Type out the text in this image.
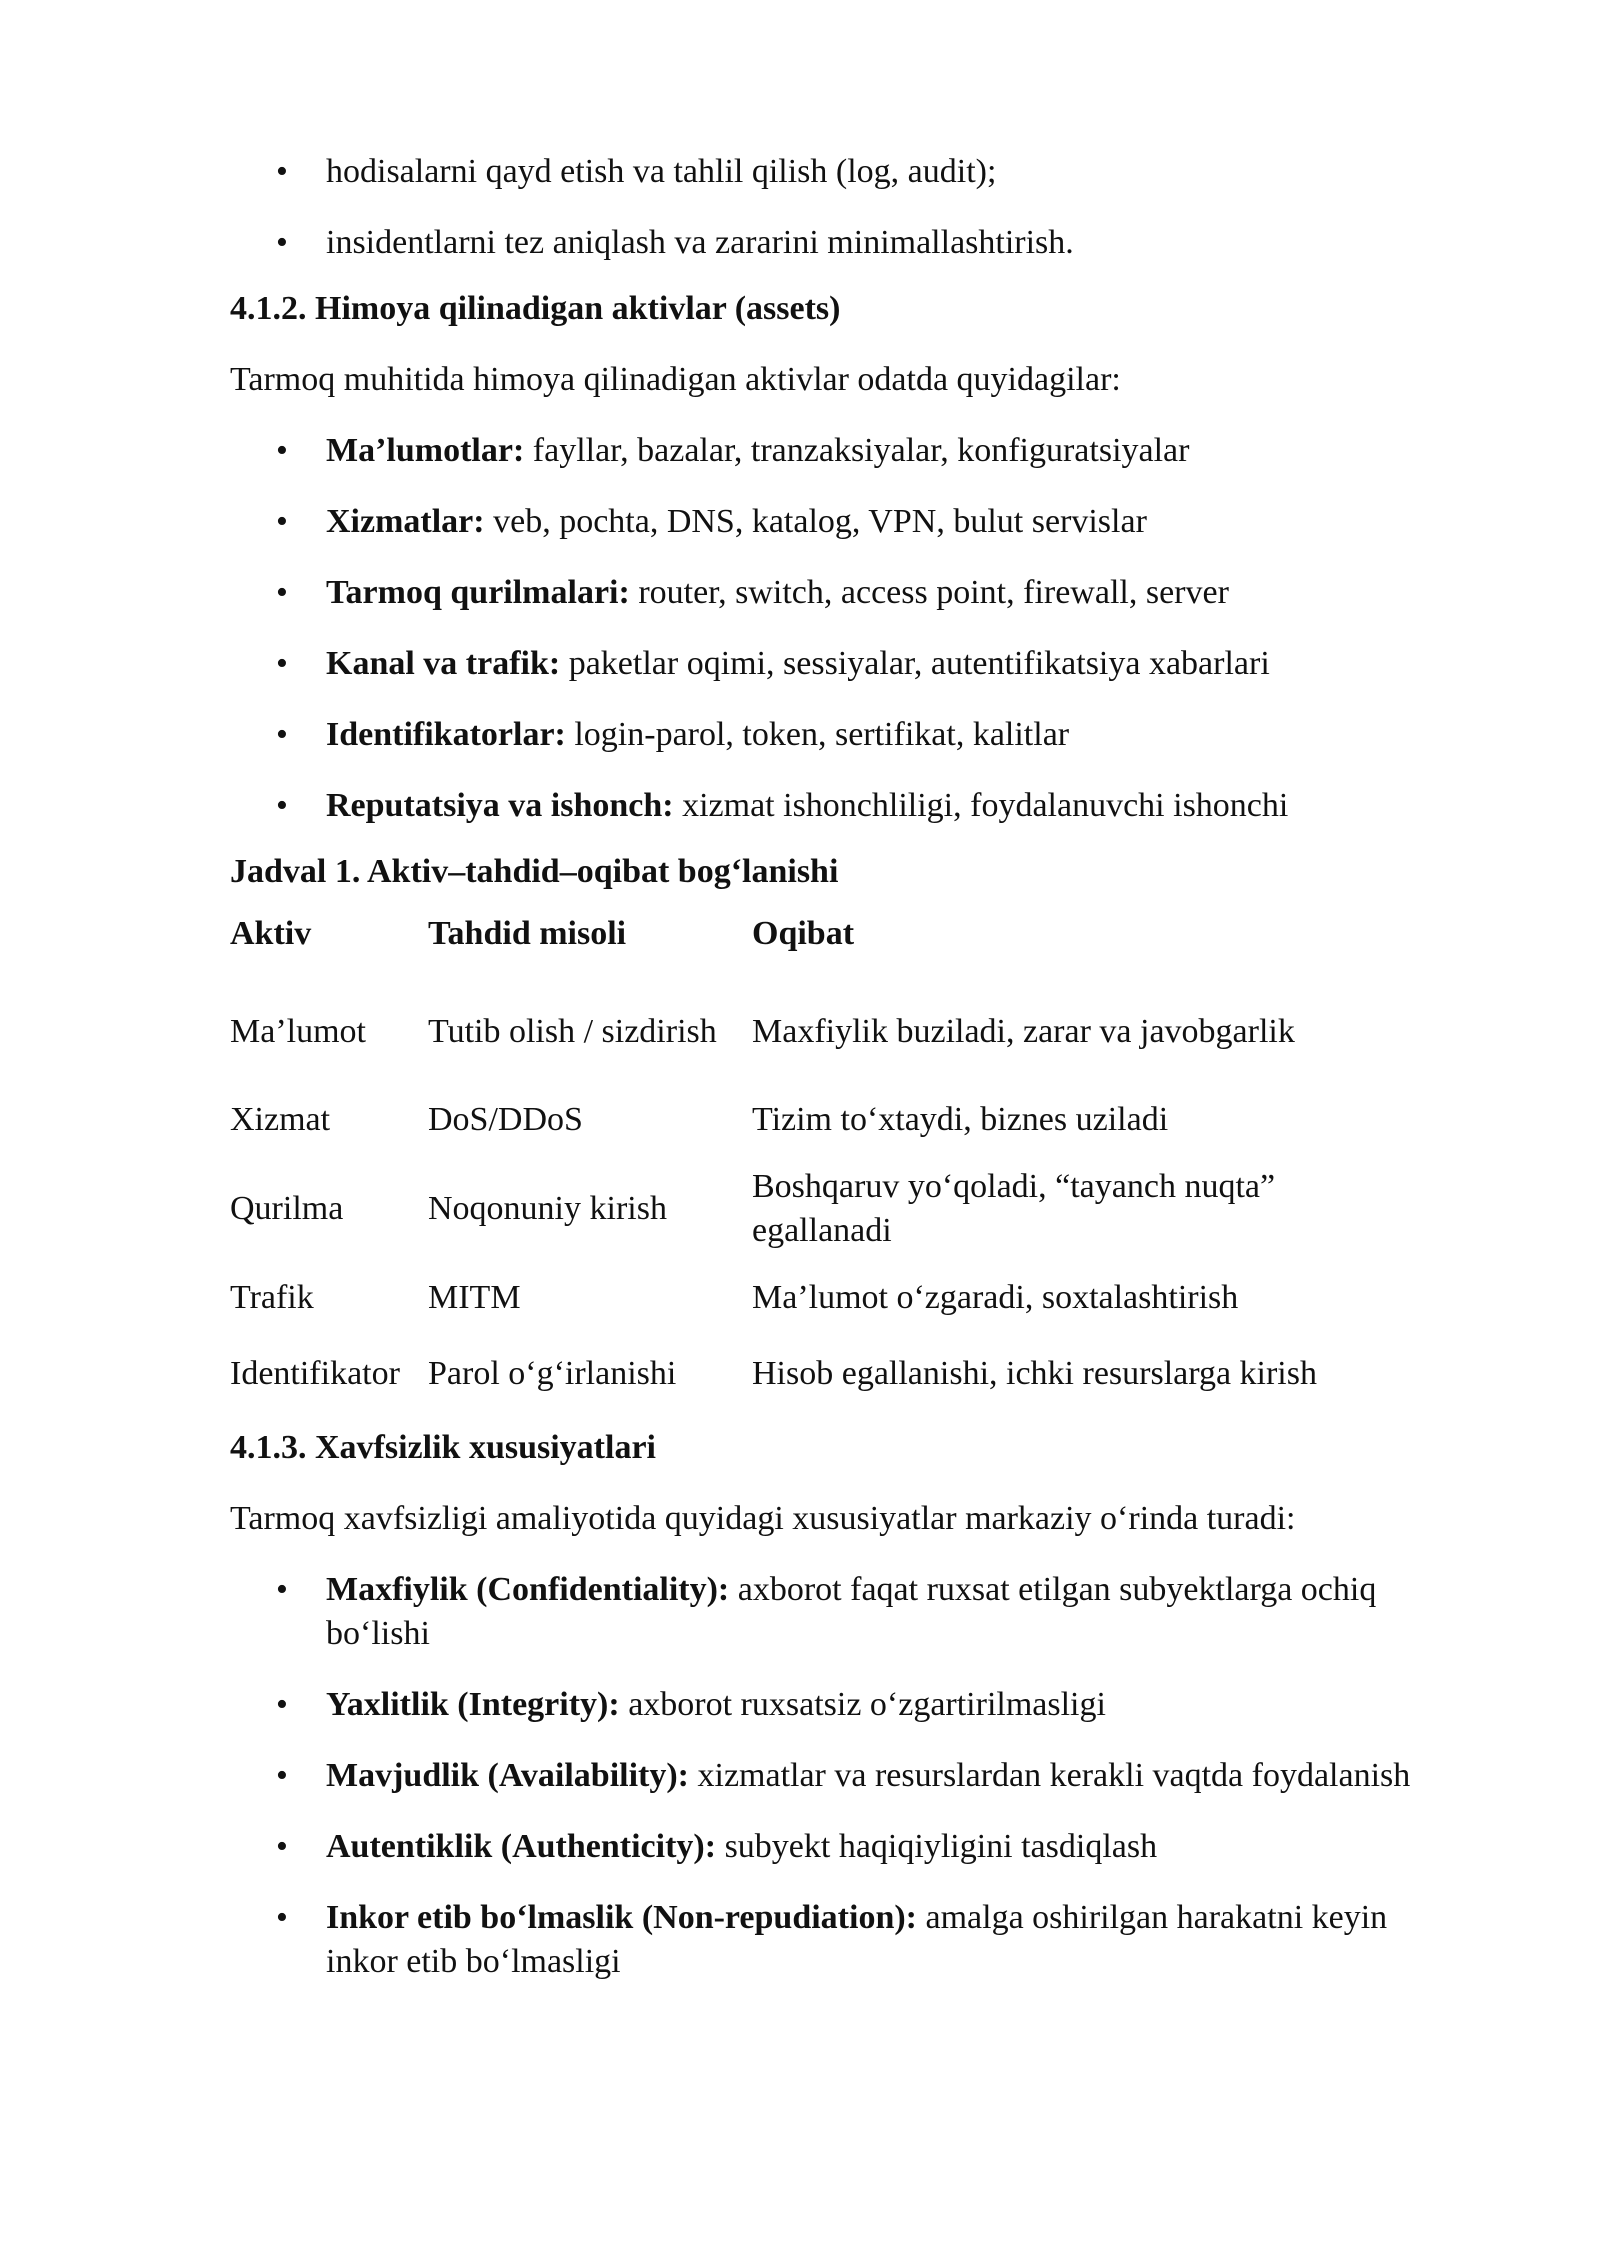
• hodisalarni qayd etish va tahlil qilish (log, audit);
• insidentlarni tez aniqlash va zararini minimallashtirish.

4.1.2. Himoya qilinadigan aktivlar (assets)

Tarmoq muhitida himoya qilinadigan aktivlar odatda quyidagilar:

• Ma’lumotlar: fayllar, bazalar, tranzaksiyalar, konfiguratsiyalar
• Xizmatlar: veb, pochta, DNS, katalog, VPN, bulut servislar
• Tarmoq qurilmalari: router, switch, access point, firewall, server
• Kanal va trafik: paketlar oqimi, sessiyalar, autentifikatsiya xabarlari
• Identifikatorlar: login-parol, token, sertifikat, kalitlar
• Reputatsiya va ishonch: xizmat ishonchliligi, foydalanuvchi ishonchi

Jadval 1. Aktiv–tahdid–oqibat bog‘lanishi

Aktiv	Tahdid misoli	Oqibat
Ma’lumot	Tutib olish / sizdirish	Maxfiylik buziladi, zarar va javobgarlik
Xizmat	DoS/DDoS	Tizim to‘xtaydi, biznes uziladi
Qurilma	Noqonuniy kirish	Boshqaruv yo‘qoladi, “tayanch nuqta” egallanadi
Trafik	MITM	Ma’lumot o‘zgaradi, soxtalashtirish
Identifikator	Parol o‘g‘irlanishi	Hisob egallanishi, ichki resurslarga kirish

4.1.3. Xavfsizlik xususiyatlari

Tarmoq xavfsizligi amaliyotida quyidagi xususiyatlar markaziy o‘rinda turadi:

• Maxfiylik (Confidentiality): axborot faqat ruxsat etilgan subyektlarga ochiq bo‘lishi
• Yaxlitlik (Integrity): axborot ruxsatsiz o‘zgartirilmasligi
• Mavjudlik (Availability): xizmatlar va resurslardan kerakli vaqtda foydalanish
• Autentiklik (Authenticity): subyekt haqiqiyligini tasdiqlash
• Inkor etib bo‘lmaslik (Non-repudiation): amalga oshirilgan harakatni keyin inkor etib bo‘lmasligi
